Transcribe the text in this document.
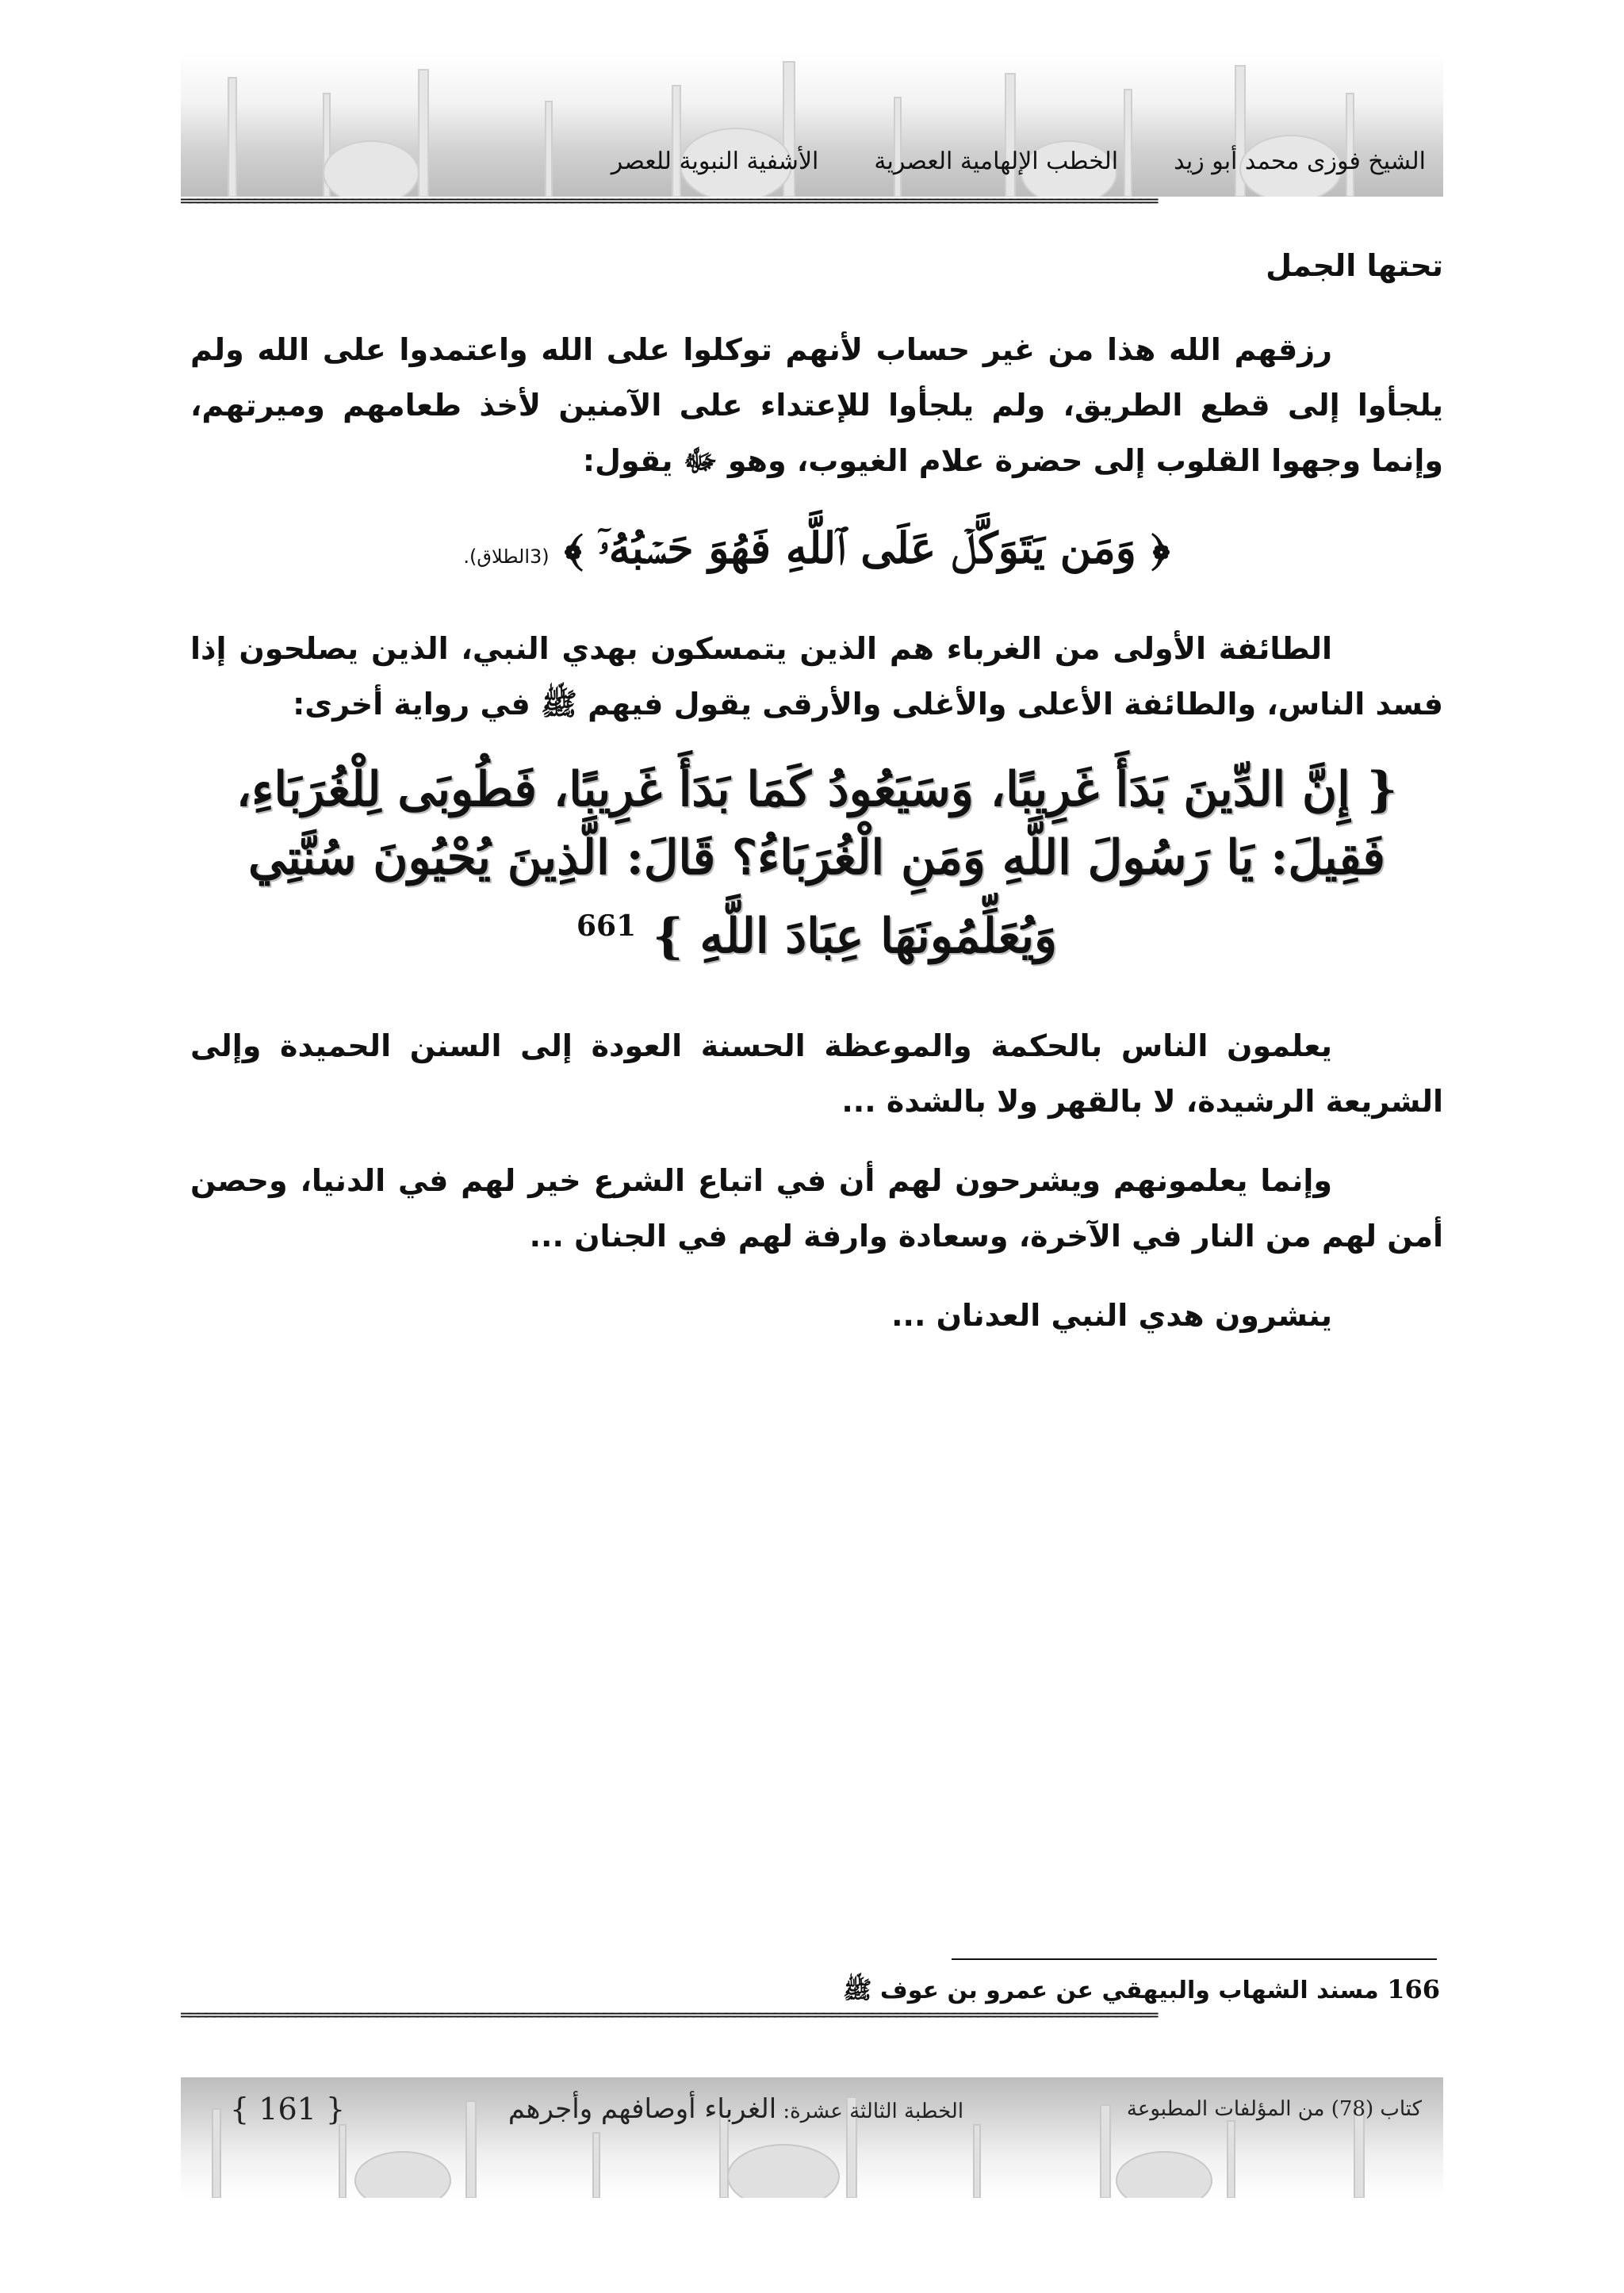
الشيخ فوزى محمد أبو زيد
الخطب الإلهامية العصرية
الأشفية النبوية للعصر
════════════════════════════════════════════════════════════════════════════════════════════════════════════════════════

تحتها الجمل

رزقهم الله هذا من غير حساب لأنهم توكلوا على الله واعتمدوا على الله ولم يلجأوا إلى قطع الطريق، ولم يلجأوا للإعتداء على الآمنين لأخذ طعامهم وميرتهم، وإنما وجهوا القلوب إلى حضرة علام الغيوب، وهو ﷻ يقول:

﴿ وَمَن يَتَوَكَّلۡ عَلَى ٱللَّهِ فَهُوَ حَسۡبُهُۥٓ ﴾ (3الطلاق).

الطائفة الأولى من الغرباء هم الذين يتمسكون بهدي النبي، الذين يصلحون إذا فسد الناس، والطائفة الأعلى والأغلى والأرقى يقول فيهم ﷺ في رواية أخرى:

{ إِنَّ الدِّينَ بَدَأَ غَرِيبًا، وَسَيَعُودُ كَمَا بَدَأَ غَرِيبًا، فَطُوبَى لِلْغُرَبَاءِ، فَقِيلَ: يَا رَسُولَ اللَّهِ وَمَنِ الْغُرَبَاءُ؟ قَالَ: الَّذِينَ يُحْيُونَ سُنَّتِي وَيُعَلِّمُونَهَا عِبَادَ اللَّهِ } $^{661}$

يعلمون الناس بالحكمة والموعظة الحسنة العودة إلى السنن الحميدة وإلى الشريعة الرشيدة، لا بالقهر ولا بالشدة ...

وإنما يعلمونهم ويشرحون لهم أن في اتباع الشرع خير لهم في الدنيا، وحصن أمن لهم من النار في الآخرة، وسعادة وارفة لهم في الجنان ...

ينشرون هدي النبي العدنان ...

166 مسند الشهاب والبيهقي عن عمرو بن عوف ﷺ
════════════════════════════════════════════════════════════════════════════════════════════════════════════════════════
كتاب (78) من المؤلفات المطبوعة
الخطبة الثالثة عشرة: الغرباء أوصافهم وأجرهم
{ 161 }
